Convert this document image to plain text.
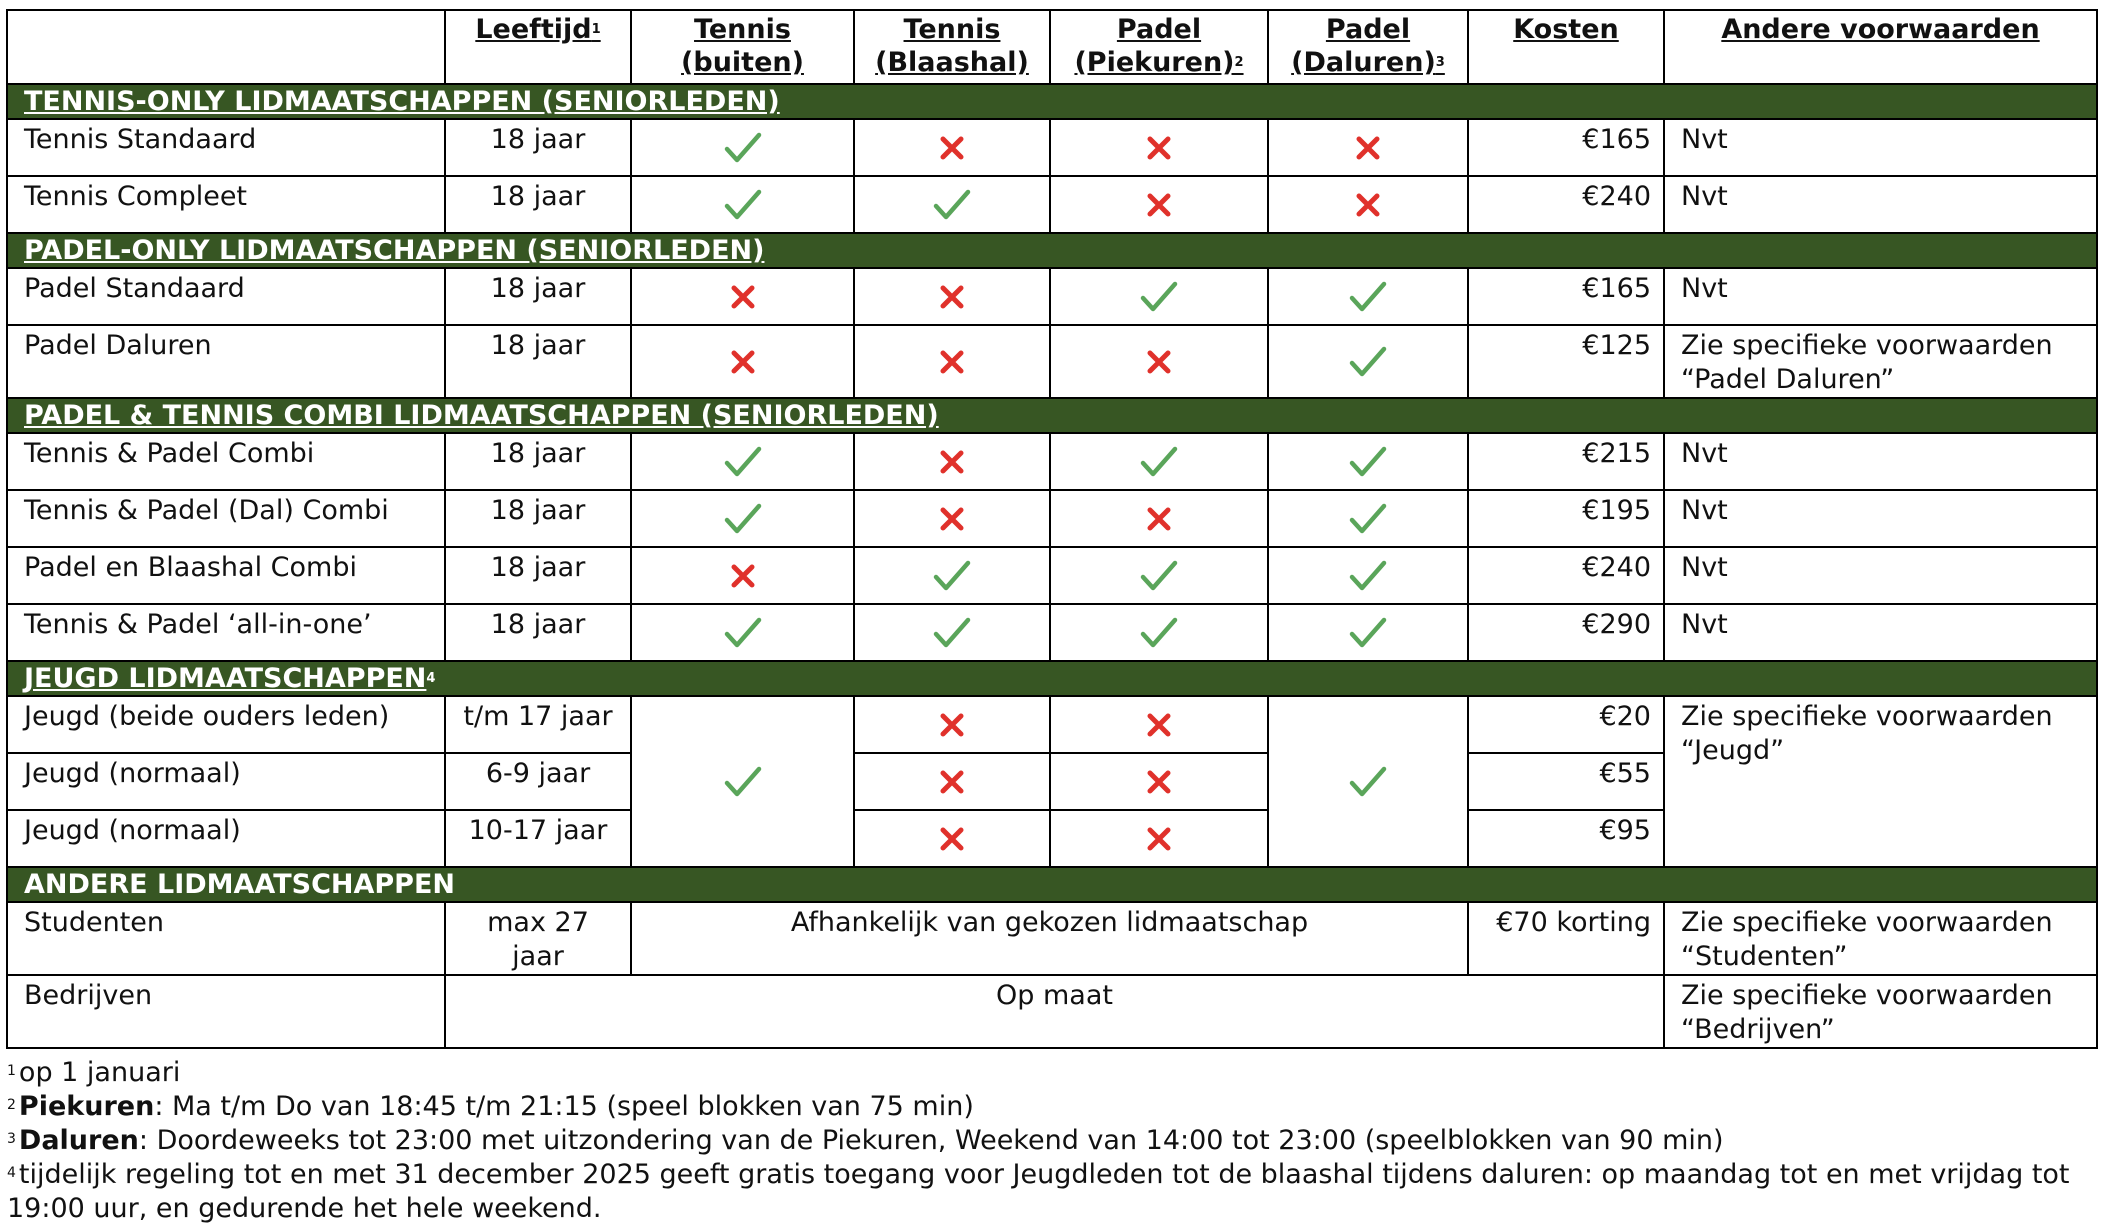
	Leeftijd$^1$	Tennis (buiten)	Tennis (Blaashal)	Padel (Piekuren)$^2$	Padel (Daluren)$^3$	Kosten	Andere voorwaarden
TENNIS-ONLY LIDMAATSCHAPPEN (SENIORLEDEN)							
Tennis Standaard	18 jaar					€165	Nvt
Tennis Compleet	18 jaar					€240	Nvt
PADEL-ONLY LIDMAATSCHAPPEN (SENIORLEDEN)							
Padel Standaard	18 jaar					€165	Nvt
Padel Daluren	18 jaar					€125	Zie specifieke voorwaarden “Padel Daluren”
PADEL & TENNIS COMBI LIDMAATSCHAPPEN (SENIORLEDEN)							
Tennis & Padel Combi	18 jaar					€215	Nvt
Tennis & Padel (Dal) Combi	18 jaar					€195	Nvt
Padel en Blaashal Combi	18 jaar					€240	Nvt
Tennis & Padel ‘all-in-one’	18 jaar					€290	Nvt
JEUGD LIDMAATSCHAPPEN$^4$
Jeugd (beide ouders leden)	t/m 17 jaar					€20	Zie specifieke voorwaarden “Jeugd”
Jeugd (normaal)	6-9 jaar					€55	
Jeugd (normaal)	10-17 jaar					€95	
ANDERE LIDMAATSCHAPPEN							
Studenten	max 27 jaar	Afhankelijk van gekozen lidmaatschap				€70 korting	Zie specifieke voorwaarden “Studenten”
Bedrijven	Op maat						Zie specifieke voorwaarden “Bedrijven”
$^1$ op 1 januari
$^2$ Piekuren: Ma t/m Do van 18:45 t/m 21:15 (speel blokken van 75 min)
$^3$ Daluren: Doordeweeks tot 23:00 met uitzondering van de Piekuren, Weekend van 14:00 tot 23:00 (speelblokken van 90 min)
$^4$ tijdelijk regeling tot en met 31 december 2025 geeft gratis toegang voor Jeugdleden tot de blaashal tijdens daluren: op maandag tot en met vrijdag tot 19:00 uur, en gedurende het hele weekend.
